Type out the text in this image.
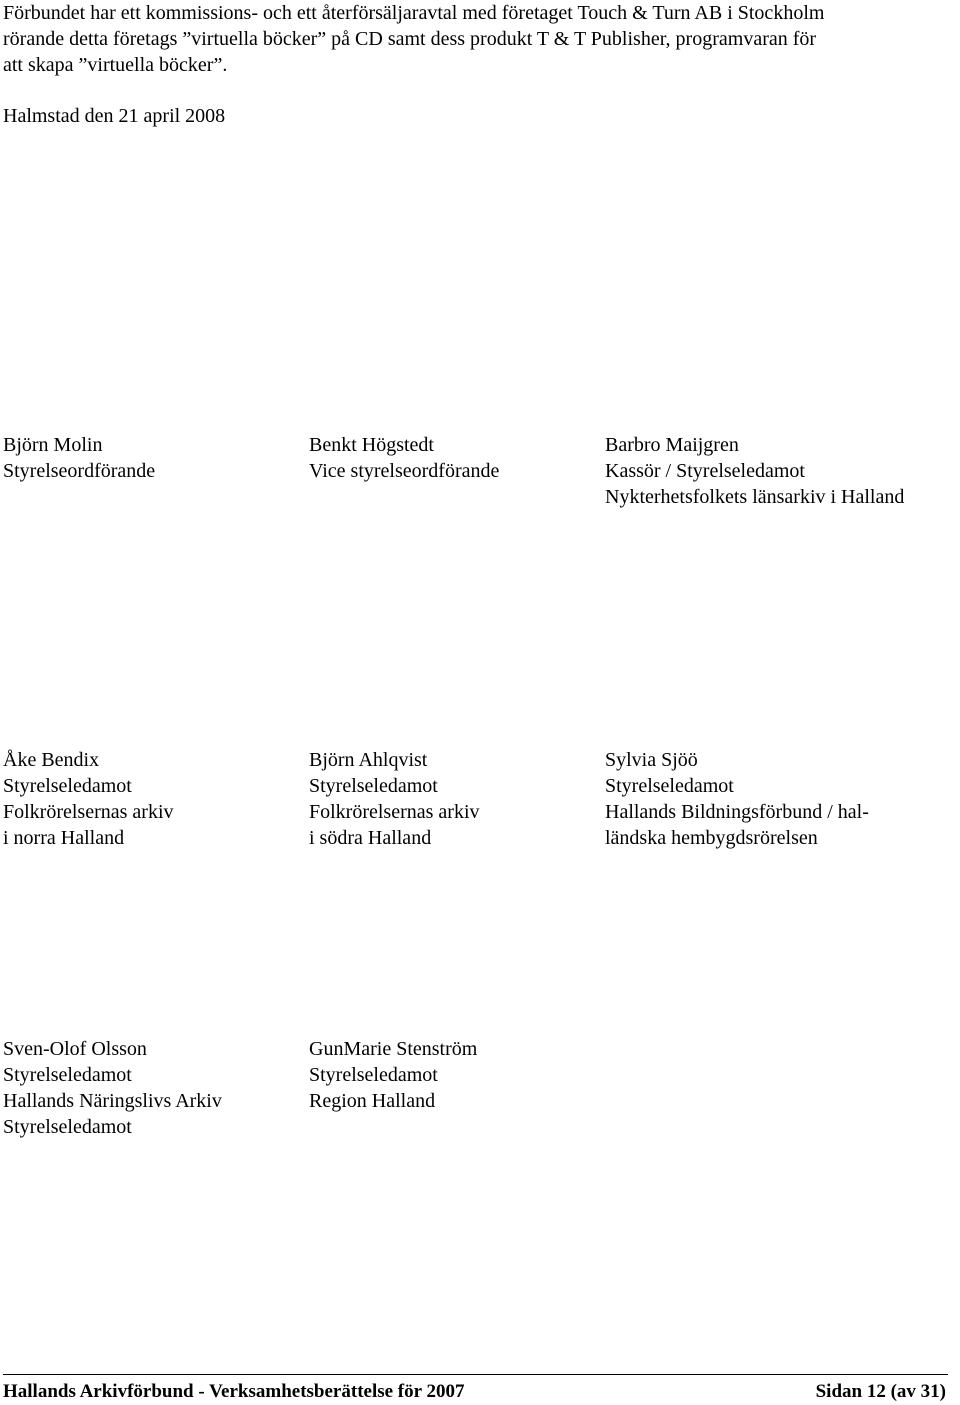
Förbundet har ett kommissions- och ett återförsäljaravtal med företaget Touch & Turn AB i Stockholm

rörande detta företags ”virtuella böcker” på CD samt dess produkt T & T Publisher, programvaran för

att skapa ”virtuella böcker”.

Halmstad den 21 april 2008

Björn Molin
Styrelseordförande
Benkt Högstedt
Vice styrelseordförande
Barbro Maijgren
Kassör / Styrelseledamot
Nykterhetsfolkets länsarkiv i Halland
Åke Bendix
Styrelseledamot
Folkrörelsernas arkiv
i norra Halland
Björn Ahlqvist
Styrelseledamot
Folkrörelsernas arkiv
i södra Halland
Sylvia Sjöö
Styrelseledamot
Hallands Bildningsförbund / hal-
ländska hembygdsrörelsen
Sven-Olof Olsson
Styrelseledamot
Hallands Näringslivs Arkiv
Styrelseledamot
GunMarie Stenström
Styrelseledamot
Region Halland
Hallands Arkivförbund - Verksamhetsberättelse för 2007	Sidan 12 (av 31)
